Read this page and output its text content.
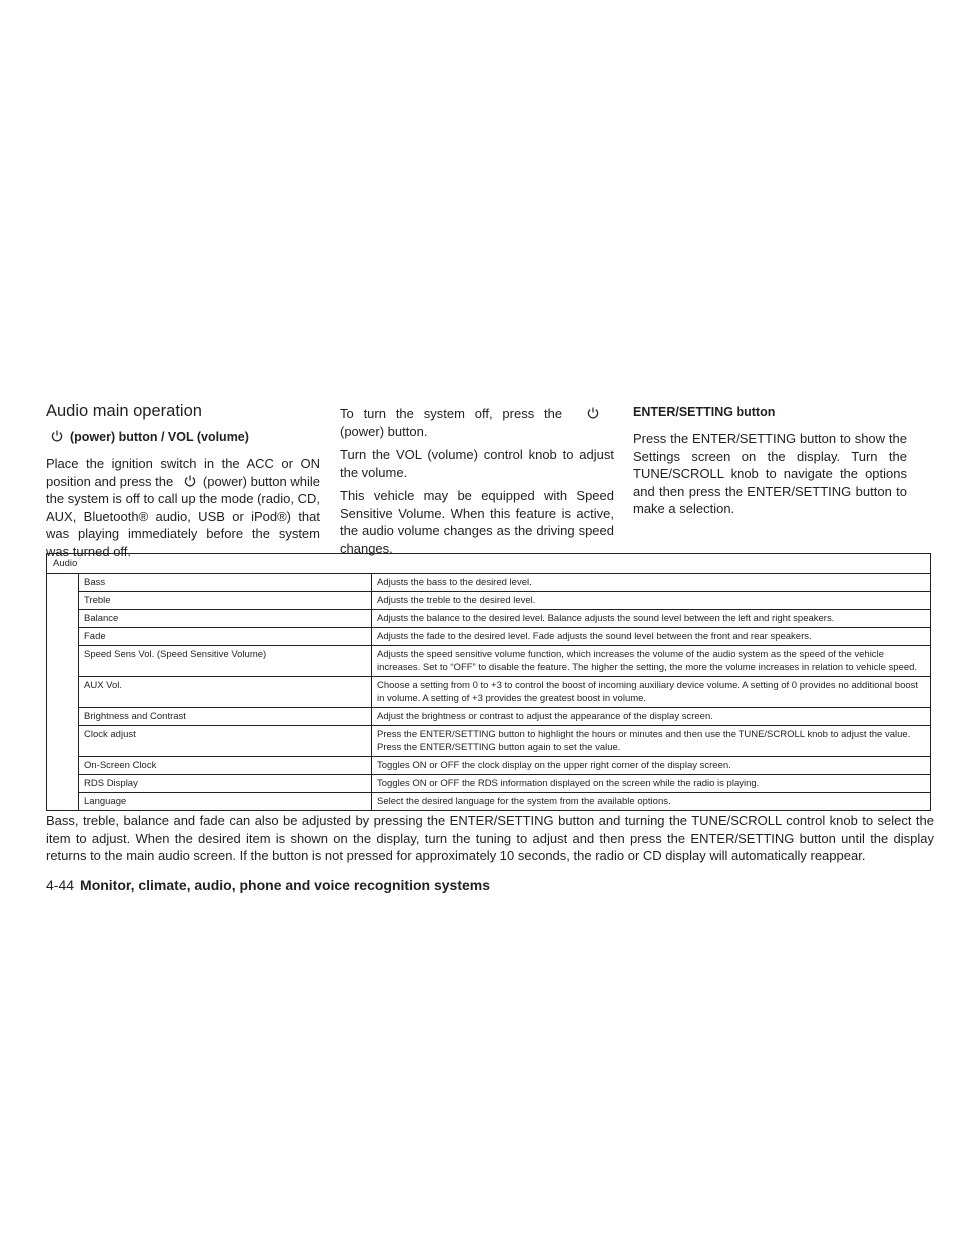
Audio main operation

(power) button / VOL (volume)

Place the ignition switch in the ACC or ON position and press the (power) button while the system is off to call up the mode (radio, CD, AUX, Bluetooth® audio, USB or iPod®) that was playing immediately before the system was turned off.

To turn the system off, press the
(power) button.

Turn the VOL (volume) control knob to adjust the volume.

This vehicle may be equipped with Speed Sensitive Volume. When this feature is active, the audio volume changes as the driving speed changes.

ENTER/SETTING button

Press the ENTER/SETTING button to show the Settings screen on the display. Turn the TUNE/SCROLL knob to navigate the options and then press the ENTER/SETTING button to make a selection.

Audio		
	Bass	Adjusts the bass to the desired level.
	Treble	Adjusts the treble to the desired level.
	Balance	Adjusts the balance to the desired level. Balance adjusts the sound level between the left and right speakers.
	Fade	Adjusts the fade to the desired level. Fade adjusts the sound level between the front and rear speakers.
	Speed Sens Vol. (Speed Sensitive Volume)	Adjusts the speed sensitive volume function, which increases the volume of the audio system as the speed of the vehicle increases. Set to “OFF” to disable the feature. The higher the setting, the more the volume increases in relation to vehicle speed.
	AUX Vol.	Choose a setting from 0 to +3 to control the boost of incoming auxiliary device volume. A setting of 0 provides no additional boost in volume. A setting of +3 provides the greatest boost in volume.
	Brightness and Contrast	Adjust the brightness or contrast to adjust the appearance of the display screen.
	Clock adjust	Press the ENTER/SETTING button to highlight the hours or minutes and then use the TUNE/SCROLL knob to adjust the value. Press the ENTER/SETTING button again to set the value.
	On-Screen Clock	Toggles ON or OFF the clock display on the upper right corner of the display screen.
	RDS Display	Toggles ON or OFF the RDS information displayed on the screen while the radio is playing.
	Language	Select the desired language for the system from the available options.

Bass, treble, balance and fade can also be adjusted by pressing the ENTER/SETTING button and turning the TUNE/SCROLL control knob to select the item to adjust. When the desired item is shown on the display, turn the tuning to adjust and then press the ENTER/SETTING button until the display returns to the main audio screen. If the button is not pressed for approximately 10 seconds, the radio or CD display will automatically reappear.

4-44 Monitor, climate, audio, phone and voice recognition systems
